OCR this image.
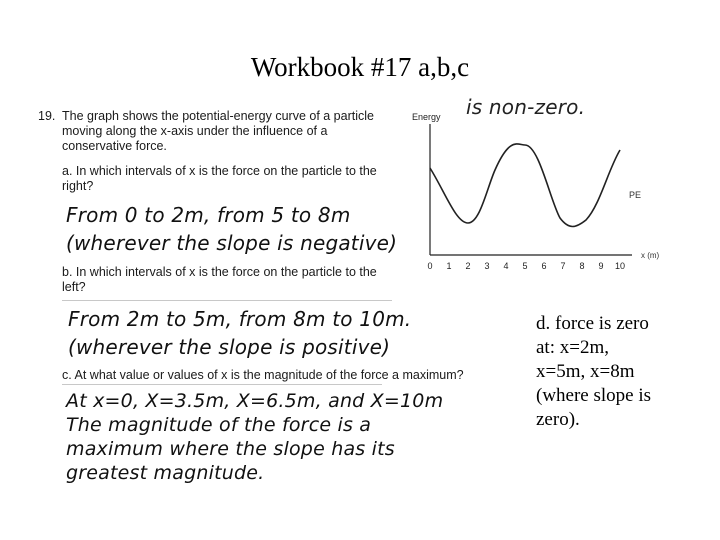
Workbook #17 a,b,c
19. The graph shows the potential-energy curve of a particle
moving along the x-axis under the influence of a
conservative force.
a. In which intervals of x is the force on the particle to the
right?
From 0 to 2m, from 5 to 8m
(wherever the slope is negative)
b. In which intervals of x is the force on the particle to the
left?
From 2m to 5m, from 8m to 10m.
(wherever the slope is positive)
c. At what value or values of x is the magnitude of the force a maximum?
At x=0, X=3.5m, X=6.5m, and X=10m
The magnitude of the force is a
maximum where the slope has its
greatest magnitude.
is non-zero.
Energy
PE
x (m)
0 1 2 3 4 5 6 7 8 9 10
d. force is zero
at: x=2m,
x=5m, x=8m
(where slope is
zero).
